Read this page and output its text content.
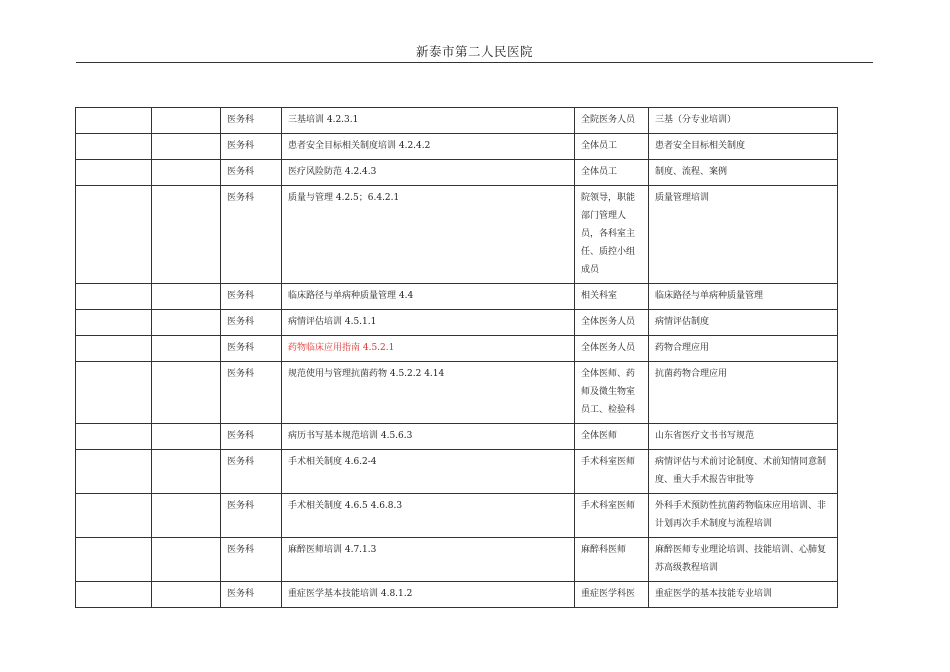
新泰市第二人民医院
		医务科	三基培训 4.2.3.1	全院医务人员	三基（分专业培训）
		医务科	患者安全目标相关制度培训 4.2.4.2	全体员工	患者安全目标相关制度
		医务科	医疗风险防范 4.2.4.3	全体员工	制度、流程、案例
		医务科	质量与管理 4.2.5；6.4.2.1	院领导，职能部门管理人员，各科室主任、质控小组成员	质量管理培训
		医务科	临床路径与单病种质量管理 4.4	相关科室	临床路径与单病种质量管理
		医务科	病情评估培训 4.5.1.1	全体医务人员	病情评估制度
		医务科	药物临床应用指南 4.5.2.1	全体医务人员	药物合理应用
		医务科	规范使用与管理抗菌药物 4.5.2.2 4.14	全体医师、药师及微生物室员工、检验科	抗菌药物合理应用
		医务科	病历书写基本规范培训 4.5.6.3	全体医师	山东省医疗文书书写规范
		医务科	手术相关制度 4.6.2-4	手术科室医师	病情评估与术前讨论制度、术前知情同意制度、重大手术报告审批等
		医务科	手术相关制度 4.6.5 4.6.8.3	手术科室医师	外科手术预防性抗菌药物临床应用培训、非计划再次手术制度与流程培训
		医务科	麻醉医师培训 4.7.1.3	麻醉科医师	麻醉医师专业理论培训、技能培训、心肺复苏高级教程培训
		医务科	重症医学基本技能培训 4.8.1.2	重症医学科医	重症医学的基本技能专业培训
